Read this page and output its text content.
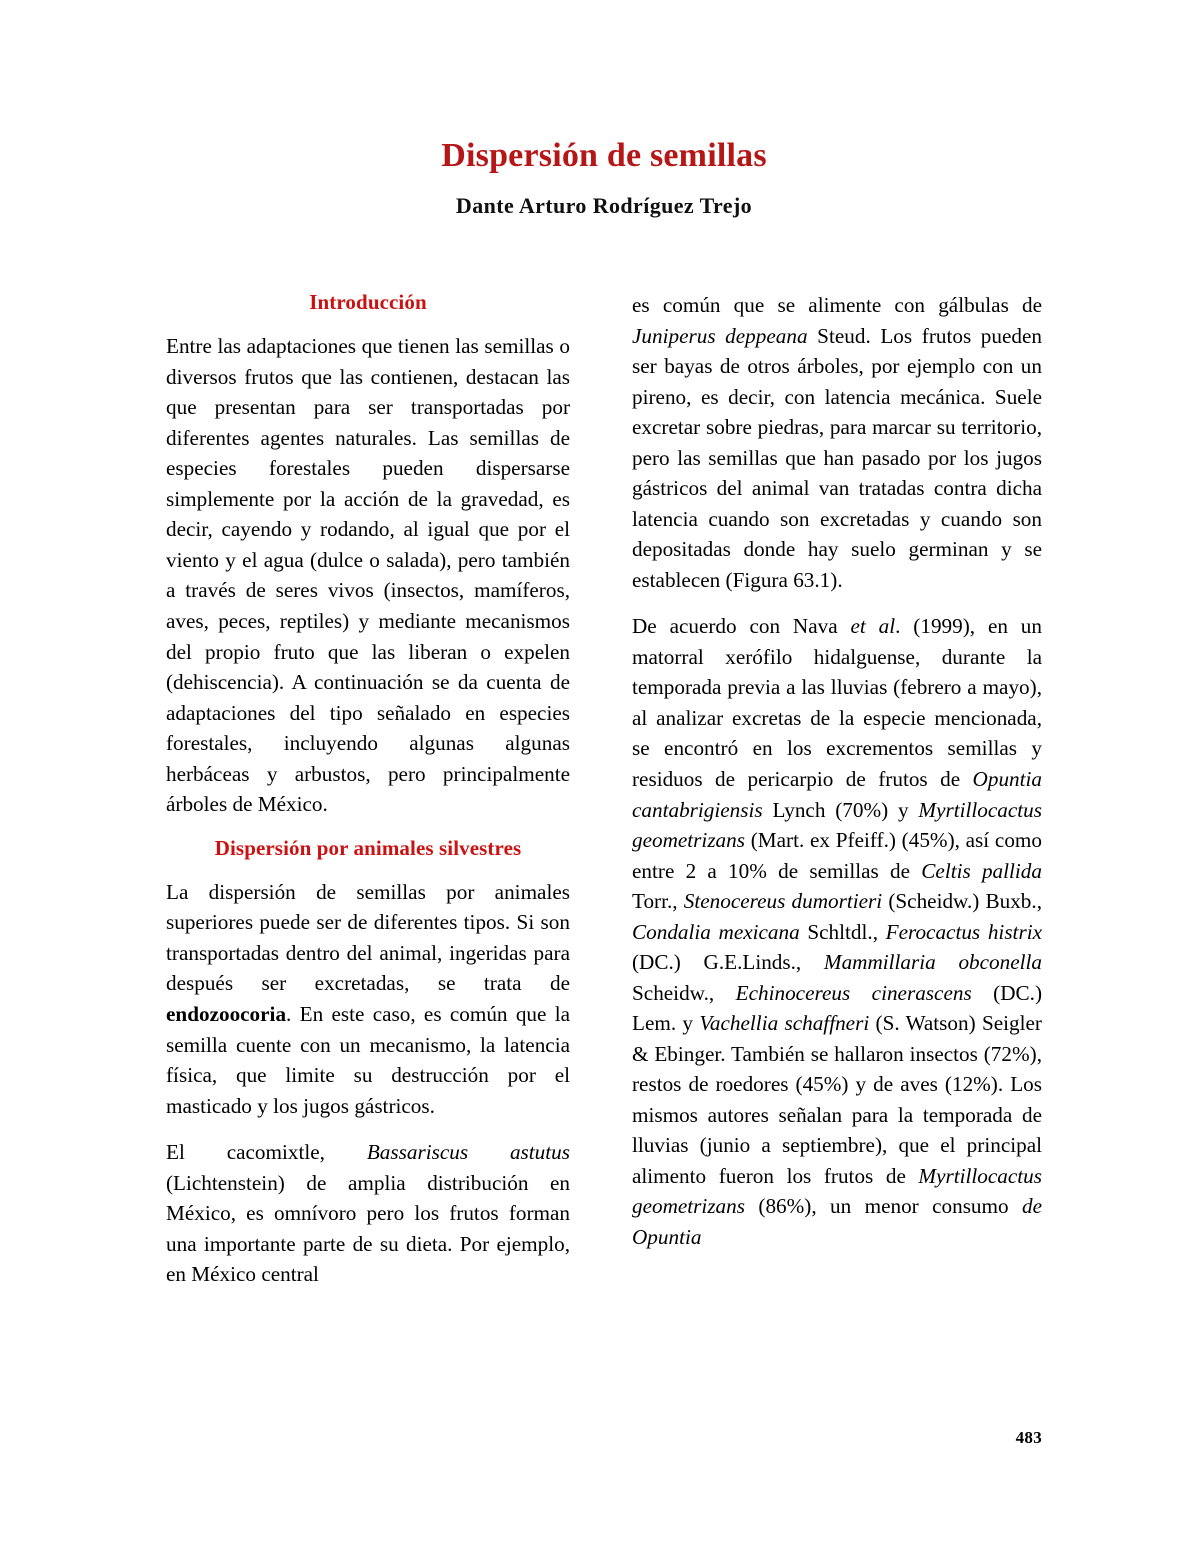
Dispersión de semillas
Dante Arturo Rodríguez Trejo
Introducción

Entre las adaptaciones que tienen las semillas o diversos frutos que las contienen, destacan las que presentan para ser transportadas por diferentes agentes naturales. Las semillas de especies forestales pueden dispersarse simplemente por la acción de la gravedad, es decir, cayendo y rodando, al igual que por el viento y el agua (dulce o salada), pero también a través de seres vivos (insectos, mamíferos, aves, peces, reptiles) y mediante mecanismos del propio fruto que las liberan o expelen (dehiscencia). A continuación se da cuenta de adaptaciones del tipo señalado en especies forestales, incluyendo algunas algunas herbáceas y arbustos, pero principalmente árboles de México.

Dispersión por animales silvestres

La dispersión de semillas por animales superiores puede ser de diferentes tipos. Si son transportadas dentro del animal, ingeridas para después ser excretadas, se trata de endozoocoria. En este caso, es común que la semilla cuente con un mecanismo, la latencia física, que limite su destrucción por el masticado y los jugos gástricos.

El cacomixtle, Bassariscus astutus (Lichtenstein) de amplia distribución en México, es omnívoro pero los frutos forman una importante parte de su dieta. Por ejemplo, en México central

es común que se alimente con gálbulas de Juniperus deppeana Steud. Los frutos pueden ser bayas de otros árboles, por ejemplo con un pireno, es decir, con latencia mecánica. Suele excretar sobre piedras, para marcar su territorio, pero las semillas que han pasado por los jugos gástricos del animal van tratadas contra dicha latencia cuando son excretadas y cuando son depositadas donde hay suelo germinan y se establecen (Figura 63.1).

De acuerdo con Nava et al. (1999), en un matorral xerófilo hidalguense, durante la temporada previa a las lluvias (febrero a mayo), al analizar excretas de la especie mencionada, se encontró en los excrementos semillas y residuos de pericarpio de frutos de Opuntia cantabrigiensis Lynch (70%) y Myrtillocactus geometrizans (Mart. ex Pfeiff.) (45%), así como entre 2 a 10% de semillas de Celtis pallida Torr., Stenocereus dumortieri (Scheidw.) Buxb., Condalia mexicana Schltdl., Ferocactus histrix (DC.) G.E.Linds., Mammillaria obconella Scheidw., Echinocereus cinerascens (DC.) Lem. y Vachellia schaffneri (S. Watson) Seigler & Ebinger. También se hallaron insectos (72%), restos de roedores (45%) y de aves (12%). Los mismos autores señalan para la temporada de lluvias (junio a septiembre), que el principal alimento fueron los frutos de Myrtillocactus geometrizans (86%), un menor consumo de Opuntia

483
